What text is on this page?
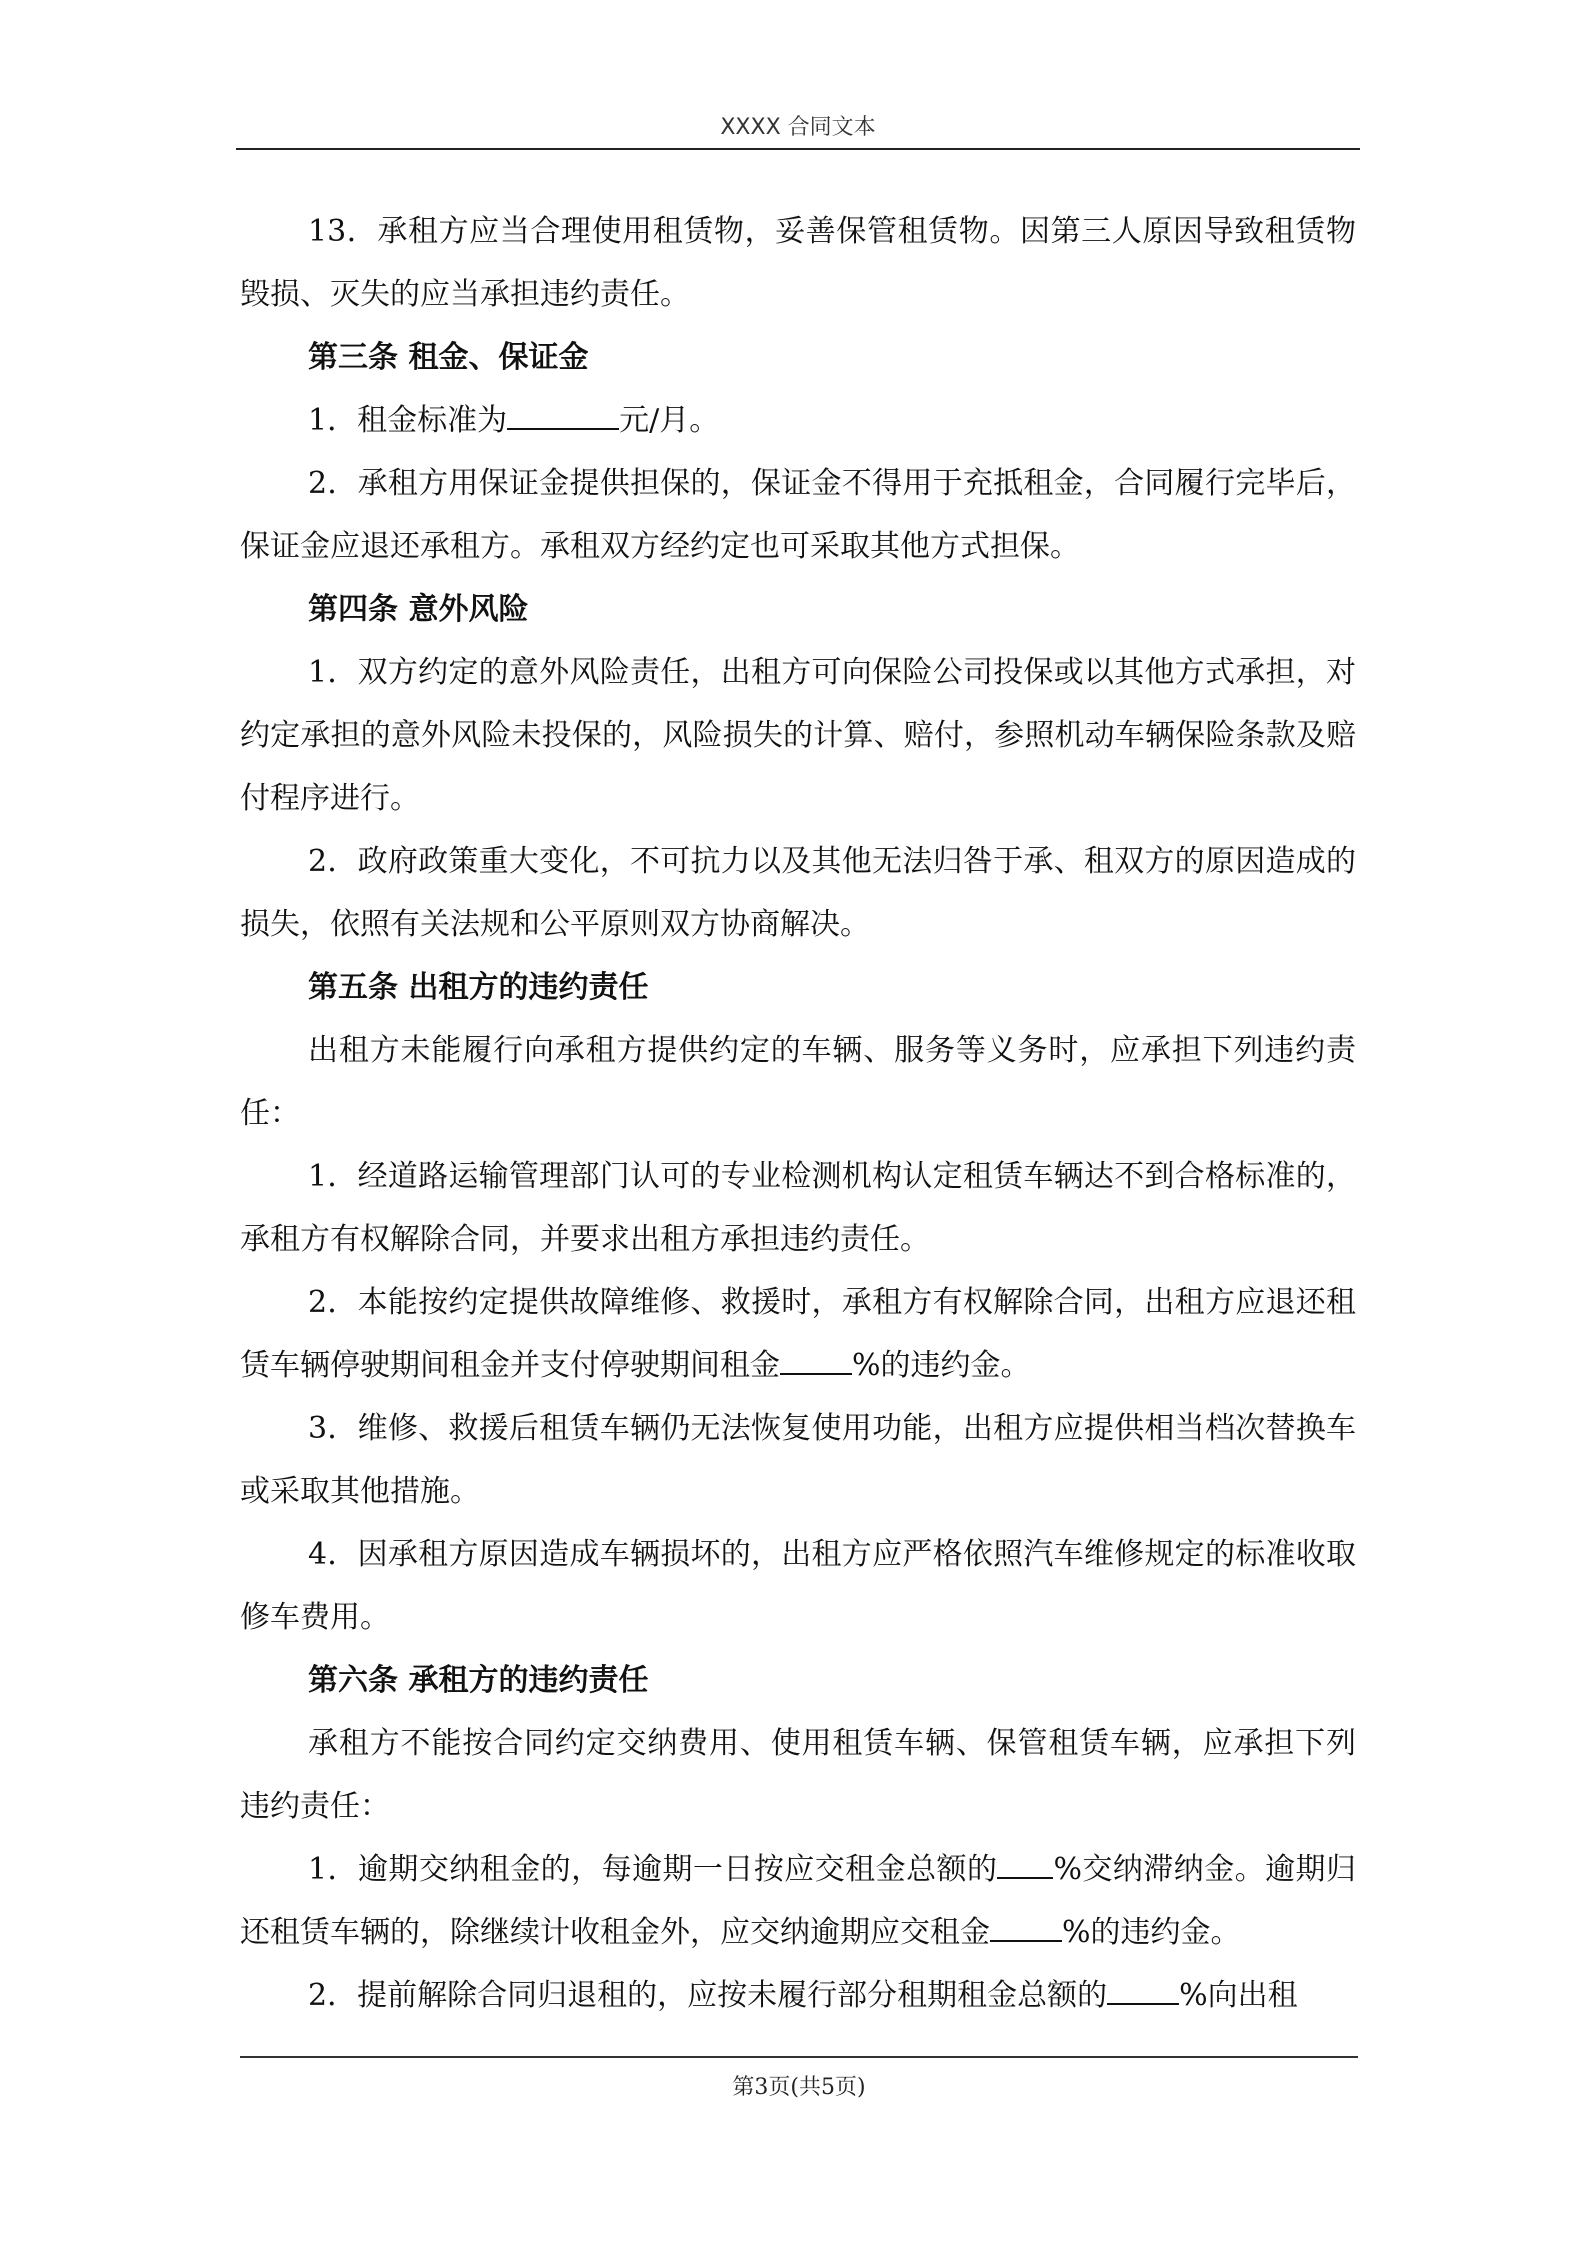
XXXX 合同文本

13．承租方应当合理使用租赁物，妥善保管租赁物。因第三人原因导致租赁物毁损、灭失的应当承担违约责任。

第三条 租金、保证金

1．租金标准为	元/月。

2．承租方用保证金提供担保的，保证金不得用于充抵租金，合同履行完毕后，保证金应退还承租方。承租双方经约定也可采取其他方式担保。

第四条 意外风险

1．双方约定的意外风险责任，出租方可向保险公司投保或以其他方式承担，对约定承担的意外风险未投保的，风险损失的计算、赔付，参照机动车辆保险条款及赔付程序进行。

2．政府政策重大变化，不可抗力以及其他无法归咎于承、租双方的原因造成的损失，依照有关法规和公平原则双方协商解决。

第五条 出租方的违约责任

出租方未能履行向承租方提供约定的车辆、服务等义务时，应承担下列违约责任：

1．经道路运输管理部门认可的专业检测机构认定租赁车辆达不到合格标准的，承租方有权解除合同，并要求出租方承担违约责任。

2．本能按约定提供故障维修、救援时，承租方有权解除合同，出租方应退还租赁车辆停驶期间租金并支付停驶期间租金 %的违约金。

3．维修、救援后租赁车辆仍无法恢复使用功能，出租方应提供相当档次替换车或采取其他措施。

4．因承租方原因造成车辆损坏的，出租方应严格依照汽车维修规定的标准收取修车费用。

第六条 承租方的违约责任

承租方不能按合同约定交纳费用、使用租赁车辆、保管租赁车辆，应承担下列违约责任：

1．逾期交纳租金的，每逾期一日按应交租金总额的 %交纳滞纳金。逾期归还租赁车辆的，除继续计收租金外，应交纳逾期应交租金 %的违约金。

2．提前解除合同归退租的，应按未履行部分租期租金总额的 %向出租

第3页(共5页)
